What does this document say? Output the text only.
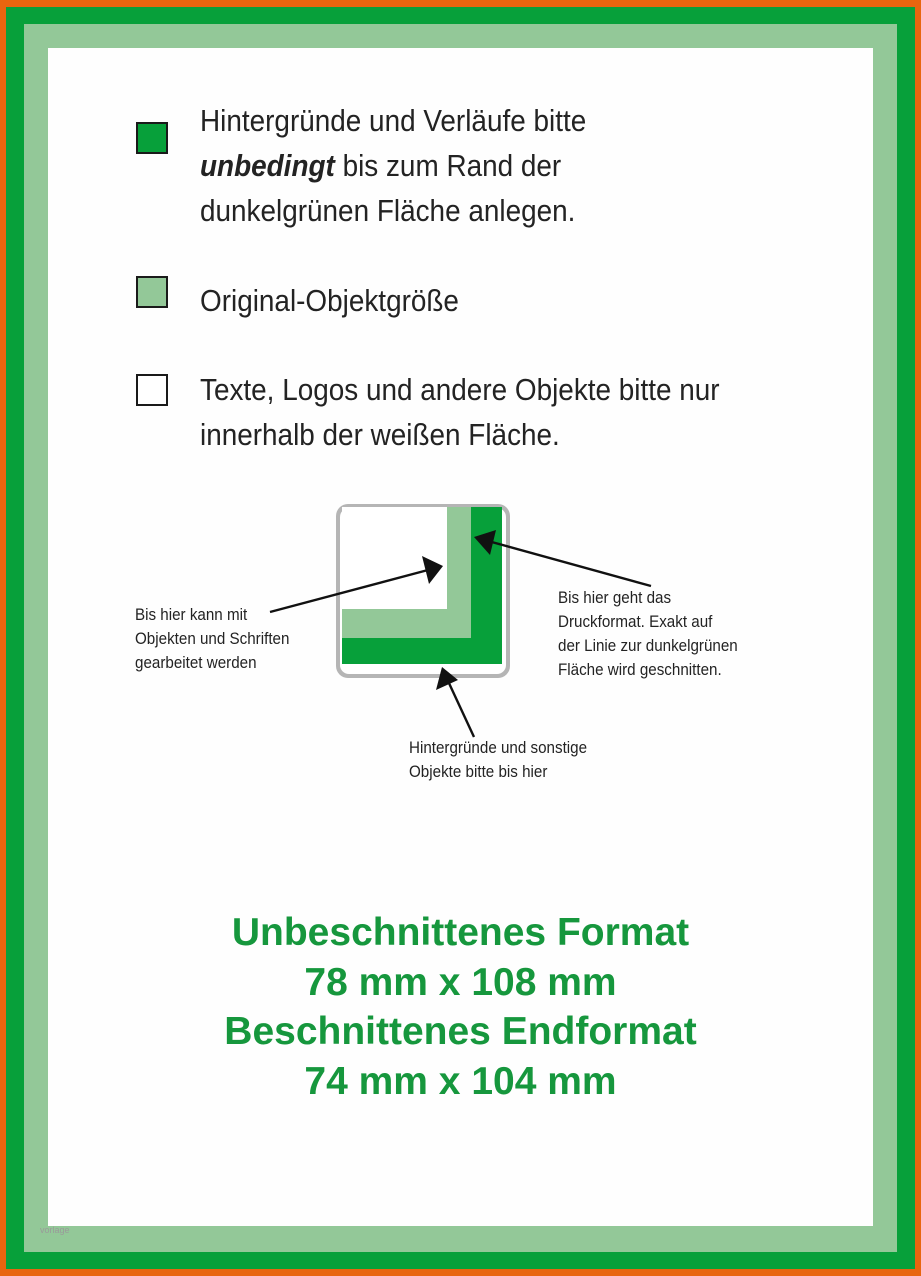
Hintergründe und Verläufe bitte
unbedingt bis zum Rand der
dunkelgrünen Fläche anlegen.
Original-Objektgröße
Texte, Logos und andere Objekte bitte nur
innerhalb der weißen Fläche.
Bis hier kann mit
Objekten und Schriften
gearbeitet werden
Bis hier geht das
Druckformat. Exakt auf
der Linie zur dunkelgrünen
Fläche wird geschnitten.
Hintergründe und sonstige
Objekte bitte bis hier
Unbeschnittenes Format
78 mm x 108 mm
Beschnittenes Endformat
74 mm x 104 mm
vorlage
